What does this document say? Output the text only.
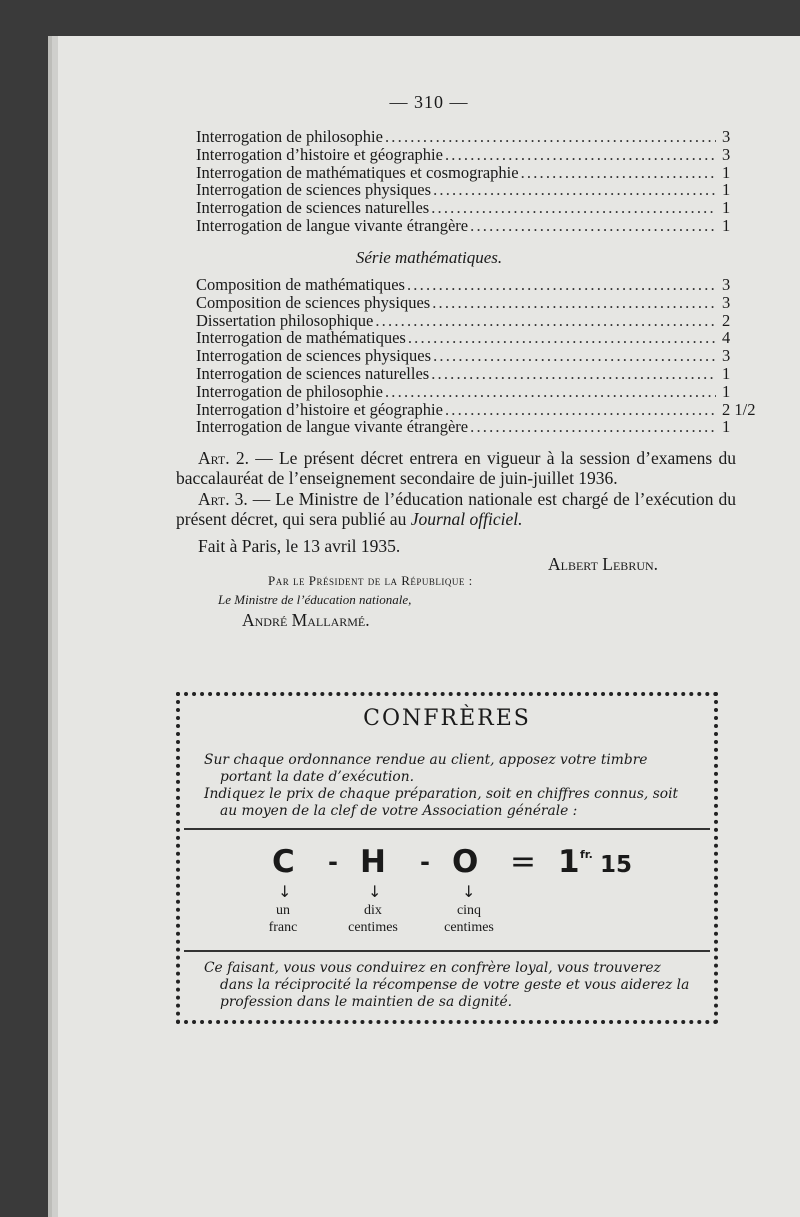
— 310 —
Interrogation de philosophie .....	3
Interrogation d’histoire et géographie .....	3
Interrogation de mathématiques et cosmographie .....	1
Interrogation de sciences physiques .....	1
Interrogation de sciences naturelles .....	1
Interrogation de langue vivante étrangère .....	1
Série mathématiques.
Composition de mathématiques .....	3
Composition de sciences physiques .....	3
Dissertation philosophique .....	2
Interrogation de mathématiques .....	4
Interrogation de sciences physiques .....	3
Interrogation de sciences naturelles .....	1
Interrogation de philosophie .....	1
Interrogation d’histoire et géographie .....	2 1/2
Interrogation de langue vivante étrangère .....	1

Art. 2. — Le présent décret entrera en vigueur à la session d’examens du baccalauréat de l’enseignement secondaire de juin-juillet 1936.

Art. 3. — Le Ministre de l’éducation nationale est chargé de l’exécution du présent décret, qui sera publié au Journal officiel.

Fait à Paris, le 13 avril 1935.
Albert Lebrun.
Par le Président de la République :
Le Ministre de l’éducation nationale,
André Mallarmé.
CONFRÈRES

Sur chaque ordonnance rendue au client, apposez votre timbre portant la date d’exécution.

Indiquez le prix de chaque préparation, soit en chiffres connus, soit au moyen de la clef de votre Association générale :

C - H - O = 1 fr. 15
↓	↓	↓
un
franc
dix
centimes
cinq
centimes

Ce faisant, vous vous conduirez en confrère loyal, vous trouverez dans la réciprocité la récompense de votre geste et vous aiderez la profession dans le maintien de sa dignité.
